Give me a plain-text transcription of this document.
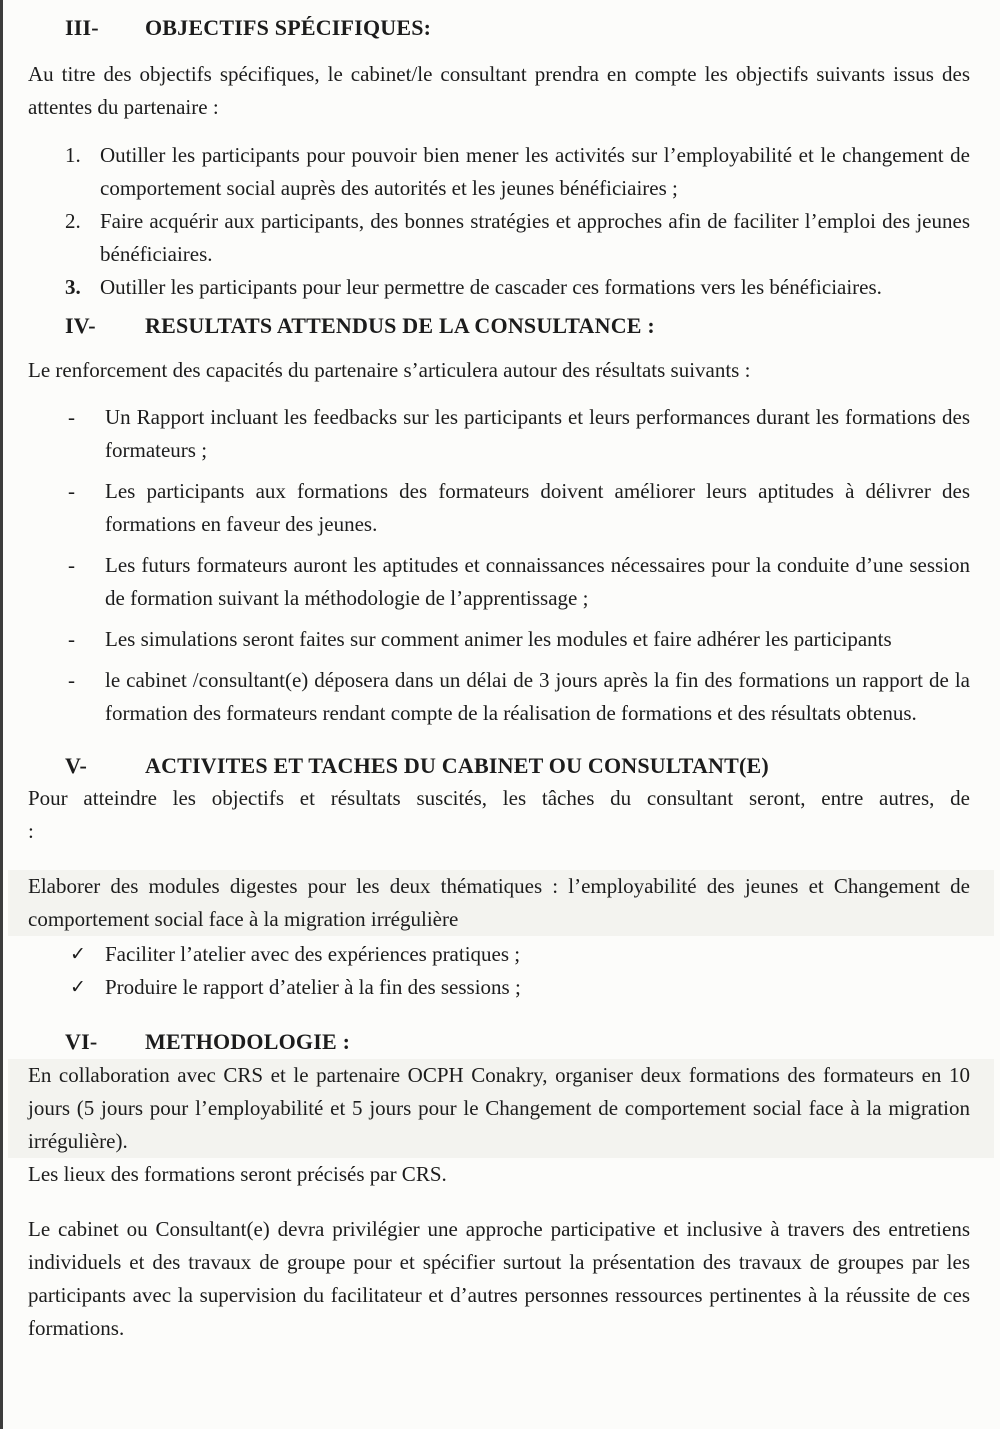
III- OBJECTIFS SPÉCIFIQUES:

Au titre des objectifs spécifiques, le cabinet/le consultant prendra en compte les objectifs suivants issus des attentes du partenaire :

1. Outiller les participants pour pouvoir bien mener les activités sur l’employabilité et le changement de comportement social auprès des autorités et les jeunes bénéficiaires ;
2. Faire acquérir aux participants, des bonnes stratégies et approches afin de faciliter l’emploi des jeunes bénéficiaires.
3. Outiller les participants pour leur permettre de cascader ces formations vers les bénéficiaires.
IV- RESULTATS ATTENDUS DE LA CONSULTANCE :

Le renforcement des capacités du partenaire s’articulera autour des résultats suivants :

-	Un Rapport incluant les feedbacks sur les participants et leurs performances durant les formations des formateurs ;
-	Les participants aux formations des formateurs doivent améliorer leurs aptitudes à délivrer des formations en faveur des jeunes.
-	Les futurs formateurs auront les aptitudes et connaissances nécessaires pour la conduite d’une session de formation suivant la méthodologie de l’apprentissage ;
-	Les simulations seront faites sur comment animer les modules et faire adhérer les participants
-	le cabinet /consultant(e) déposera dans un délai de 3 jours après la fin des formations un rapport de la formation des formateurs rendant compte de la réalisation de formations et des résultats obtenus.
V-	ACTIVITES ET TACHES DU CABINET OU CONSULTANT(E)

Pour atteindre les objectifs et résultats suscités, les tâches du consultant seront, entre autres, de
:

Elaborer des modules digestes pour les deux thématiques : l’employabilité des jeunes et Changement de comportement social face à la migration irrégulière

✓ Faciliter l’atelier avec des expériences pratiques ;
✓ Produire le rapport d’atelier à la fin des sessions ;
VI- METHODOLOGIE :

En collaboration avec CRS et le partenaire OCPH Conakry, organiser deux formations des formateurs en 10 jours (5 jours pour l’employabilité et 5 jours pour le Changement de comportement social face à la migration irrégulière).

Les lieux des formations seront précisés par CRS.

Le cabinet ou Consultant(e) devra privilégier une approche participative et inclusive à travers des entretiens individuels et des travaux de groupe pour et spécifier surtout la présentation des travaux de groupes par les participants avec la supervision du facilitateur et d’autres personnes ressources pertinentes à la réussite de ces formations.
